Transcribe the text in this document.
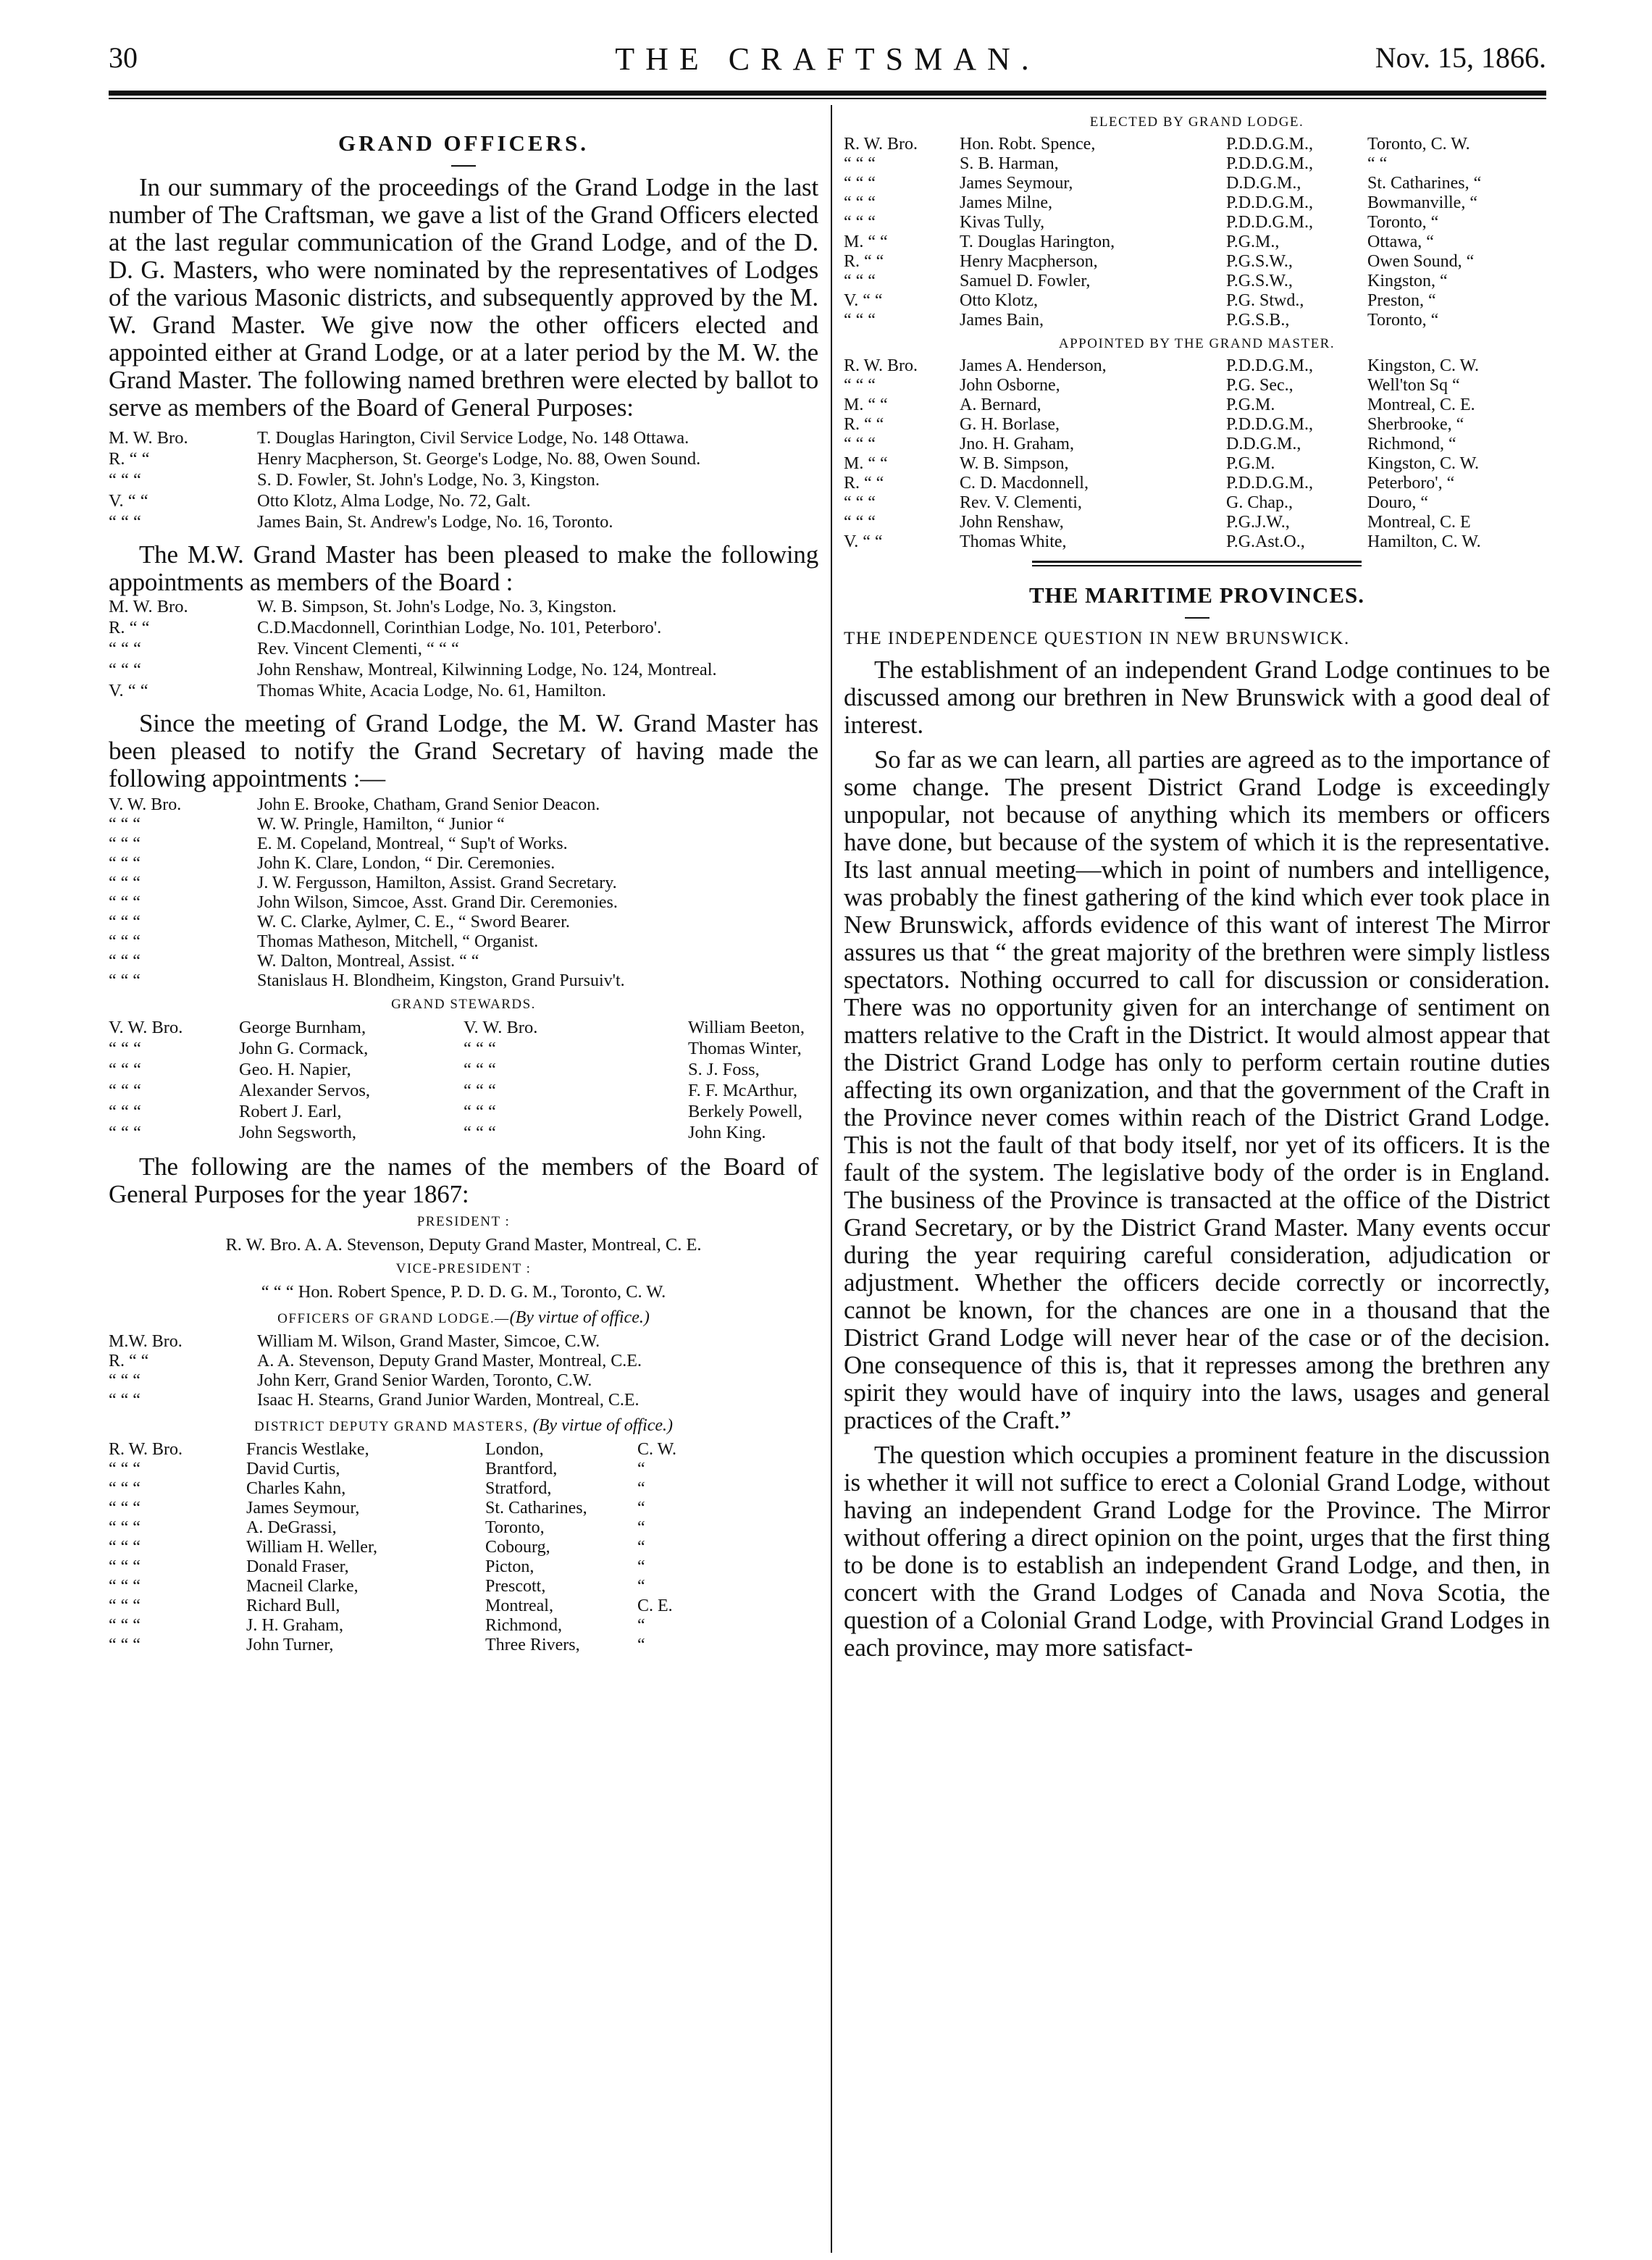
30	THE CRAFTSMAN.	Nov. 15, 1866.
GRAND OFFICERS.

In our summary of the proceedings of the Grand Lodge in the last number of The Craftsman, we gave a list of the Grand Officers elected at the last regular communication of the Grand Lodge, and of the D. D. G. Masters, who were nominated by the representatives of Lodges of the various Masonic districts, and subsequently approved by the M. W. Grand Master. We give now the other officers elected and appointed either at Grand Lodge, or at a later period by the M. W. the Grand Master. The following named brethren were elected by ballot to serve as members of the Board of General Purposes:

M. W. Bro.	T. Douglas Harington, Civil Service Lodge, No. 148 Ottawa.
R. “ “	Henry Macpherson, St. George's Lodge, No. 88, Owen Sound.
“ “ “	S. D. Fowler, St. John's Lodge, No. 3, Kingston.
V. “ “	Otto Klotz, Alma Lodge, No. 72, Galt.
“ “ “	James Bain, St. Andrew's Lodge, No. 16, Toronto.

The M.W. Grand Master has been pleased to make the following appointments as members of the Board :

M. W. Bro.	W. B. Simpson, St. John's Lodge, No. 3, Kingston.
R. “ “	C.D.Macdonnell, Corinthian Lodge, No. 101, Peterboro'.
“ “ “	Rev. Vincent Clementi, “ “ “
“ “ “	John Renshaw, Montreal, Kilwinning Lodge, No. 124, Montreal.
V. “ “	Thomas White, Acacia Lodge, No. 61, Hamilton.

Since the meeting of Grand Lodge, the M. W. Grand Master has been pleased to notify the Grand Secretary of having made the following appointments :—

V. W. Bro.	John E. Brooke, Chatham, Grand Senior Deacon.
“ “ “	W. W. Pringle, Hamilton, “ Junior “
“ “ “	E. M. Copeland, Montreal, “ Sup't of Works.
“ “ “	John K. Clare, London, “ Dir. Ceremonies.
“ “ “	J. W. Fergusson, Hamilton, Assist. Grand Secretary.
“ “ “	John Wilson, Simcoe, Asst. Grand Dir. Ceremonies.
“ “ “	W. C. Clarke, Aylmer, C. E., “ Sword Bearer.
“ “ “	Thomas Matheson, Mitchell, “ Organist.
“ “ “	W. Dalton, Montreal, Assist. “ “
“ “ “	Stanislaus H. Blondheim, Kingston, Grand Pursuiv't.
GRAND STEWARDS.
V. W. Bro.	George Burnham,	V. W. Bro.	William Beeton,
“ “ “	John G. Cormack,	“ “ “	Thomas Winter,
“ “ “	Geo. H. Napier,	“ “ “	S. J. Foss,
“ “ “	Alexander Servos,	“ “ “	F. F. McArthur,
“ “ “	Robert J. Earl,	“ “ “	Berkely Powell,
“ “ “	John Segsworth,	“ “ “	John King.

The following are the names of the members of the Board of General Purposes for the year 1867:

PRESIDENT :
R. W. Bro. A. A. Stevenson, Deputy Grand Master, Montreal, C. E.
VICE-PRESIDENT :
“ “ “ Hon. Robert Spence, P. D. D. G. M., Toronto, C. W.
OFFICERS OF GRAND LODGE.—(By virtue of office.)
M.W. Bro.	William M. Wilson, Grand Master, Simcoe, C.W.
R. “ “	A. A. Stevenson, Deputy Grand Master, Montreal, C.E.
“ “ “	John Kerr, Grand Senior Warden, Toronto, C.W.
“ “ “	Isaac H. Stearns, Grand Junior Warden, Montreal, C.E.
DISTRICT DEPUTY GRAND MASTERS, (By virtue of office.)
R. W. Bro.	Francis Westlake,	London,	C. W.
“ “ “	David Curtis,	Brantford,	“
“ “ “	Charles Kahn,	Stratford,	“
“ “ “	James Seymour,	St. Catharines,	“
“ “ “	A. DeGrassi,	Toronto,	“
“ “ “	William H. Weller,	Cobourg,	“
“ “ “	Donald Fraser,	Picton,	“
“ “ “	Macneil Clarke,	Prescott,	“
“ “ “	Richard Bull,	Montreal,	C. E.
“ “ “	J. H. Graham,	Richmond,	“
“ “ “	John Turner,	Three Rivers,	“
ELECTED BY GRAND LODGE.
R. W. Bro.	Hon. Robt. Spence,	P.D.D.G.M.,	Toronto, C. W.
“ “ “	S. B. Harman,	P.D.D.G.M.,	“ “
“ “ “	James Seymour,	D.D.G.M.,	St. Catharines, “
“ “ “	James Milne,	P.D.D.G.M.,	Bowmanville, “
“ “ “	Kivas Tully,	P.D.D.G.M.,	Toronto, “
M. “ “	T. Douglas Harington,	P.G.M.,	Ottawa, “
R. “ “	Henry Macpherson,	P.G.S.W.,	Owen Sound, “
“ “ “	Samuel D. Fowler,	P.G.S.W.,	Kingston, “
V. “ “	Otto Klotz,	P.G. Stwd.,	Preston, “
“ “ “	James Bain,	P.G.S.B.,	Toronto, “
APPOINTED BY THE GRAND MASTER.
R. W. Bro.	James A. Henderson,	P.D.D.G.M.,	Kingston, C. W.
“ “ “	John Osborne,	P.G. Sec.,	Well'ton Sq “
M. “ “	A. Bernard,	P.G.M.	Montreal, C. E.
R. “ “	G. H. Borlase,	P.D.D.G.M.,	Sherbrooke, “
“ “ “	Jno. H. Graham,	D.D.G.M.,	Richmond, “
M. “ “	W. B. Simpson,	P.G.M.	Kingston, C. W.
R. “ “	C. D. Macdonnell,	P.D.D.G.M.,	Peterboro', “
“ “ “	Rev. V. Clementi,	G. Chap.,	Douro, “
“ “ “	John Renshaw,	P.G.J.W.,	Montreal, C. E
V. “ “	Thomas White,	P.G.Ast.O.,	Hamilton, C. W.
THE MARITIME PROVINCES.
THE INDEPENDENCE QUESTION IN NEW BRUNSWICK.

The establishment of an independent Grand Lodge continues to be discussed among our brethren in New Brunswick with a good deal of interest.

So far as we can learn, all parties are agreed as to the importance of some change. The present District Grand Lodge is exceedingly unpopular, not because of anything which its members or officers have done, but because of the system of which it is the representative. Its last annual meeting—which in point of numbers and intelligence, was probably the finest gathering of the kind which ever took place in New Brunswick, affords evidence of this want of interest The Mirror assures us that “ the great majority of the brethren were simply listless spectators. Nothing occurred to call for discussion or consideration. There was no opportunity given for an interchange of sentiment on matters relative to the Craft in the District. It would almost appear that the District Grand Lodge has only to perform certain routine duties affecting its own organization, and that the government of the Craft in the Province never comes within reach of the District Grand Lodge. This is not the fault of that body itself, nor yet of its officers. It is the fault of the system. The legislative body of the order is in England. The business of the Province is transacted at the office of the District Grand Secretary, or by the District Grand Master. Many events occur during the year requiring careful consideration, adjudication or adjustment. Whether the officers decide correctly or incorrectly, cannot be known, for the chances are one in a thousand that the District Grand Lodge will never hear of the case or of the decision. One consequence of this is, that it represses among the brethren any spirit they would have of inquiry into the laws, usages and general practices of the Craft.”

The question which occupies a prominent feature in the discussion is whether it will not suffice to erect a Colonial Grand Lodge, without having an independent Grand Lodge for the Province. The Mirror without offering a direct opinion on the point, urges that the first thing to be done is to establish an independent Grand Lodge, and then, in concert with the Grand Lodges of Canada and Nova Scotia, the question of a Colonial Grand Lodge, with Provincial Grand Lodges in each province, may more satisfact-
